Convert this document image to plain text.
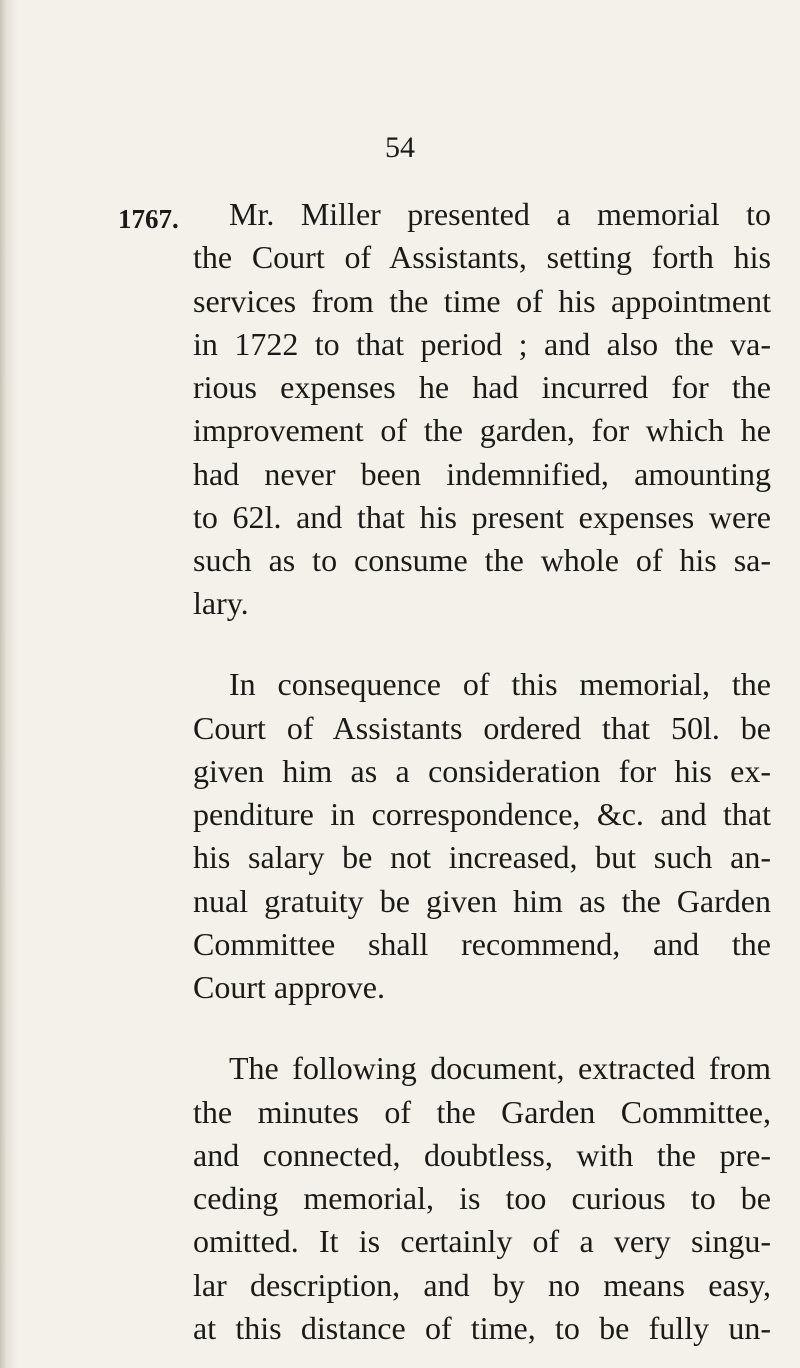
54
1767. Mr. Miller presented a memorial to
the Court of Assistants, setting forth his
services from the time of his appointment
in 1722 to that period ; and also the va-
rious expenses he had incurred for the
improvement of the garden, for which he
had never been indemnified, amounting
to 62l. and that his present expenses were
such as to consume the whole of his sa-
lary.
In consequence of this memorial, the
Court of Assistants ordered that 50l. be
given him as a consideration for his ex-
penditure in correspondence, &c. and that
his salary be not increased, but such an-
nual gratuity be given him as the Garden
Committee shall recommend, and the
Court approve.
The following document, extracted from
the minutes of the Garden Committee,
and connected, doubtless, with the pre-
ceding memorial, is too curious to be
omitted. It is certainly of a very singu-
lar description, and by no means easy,
at this distance of time, to be fully un-
